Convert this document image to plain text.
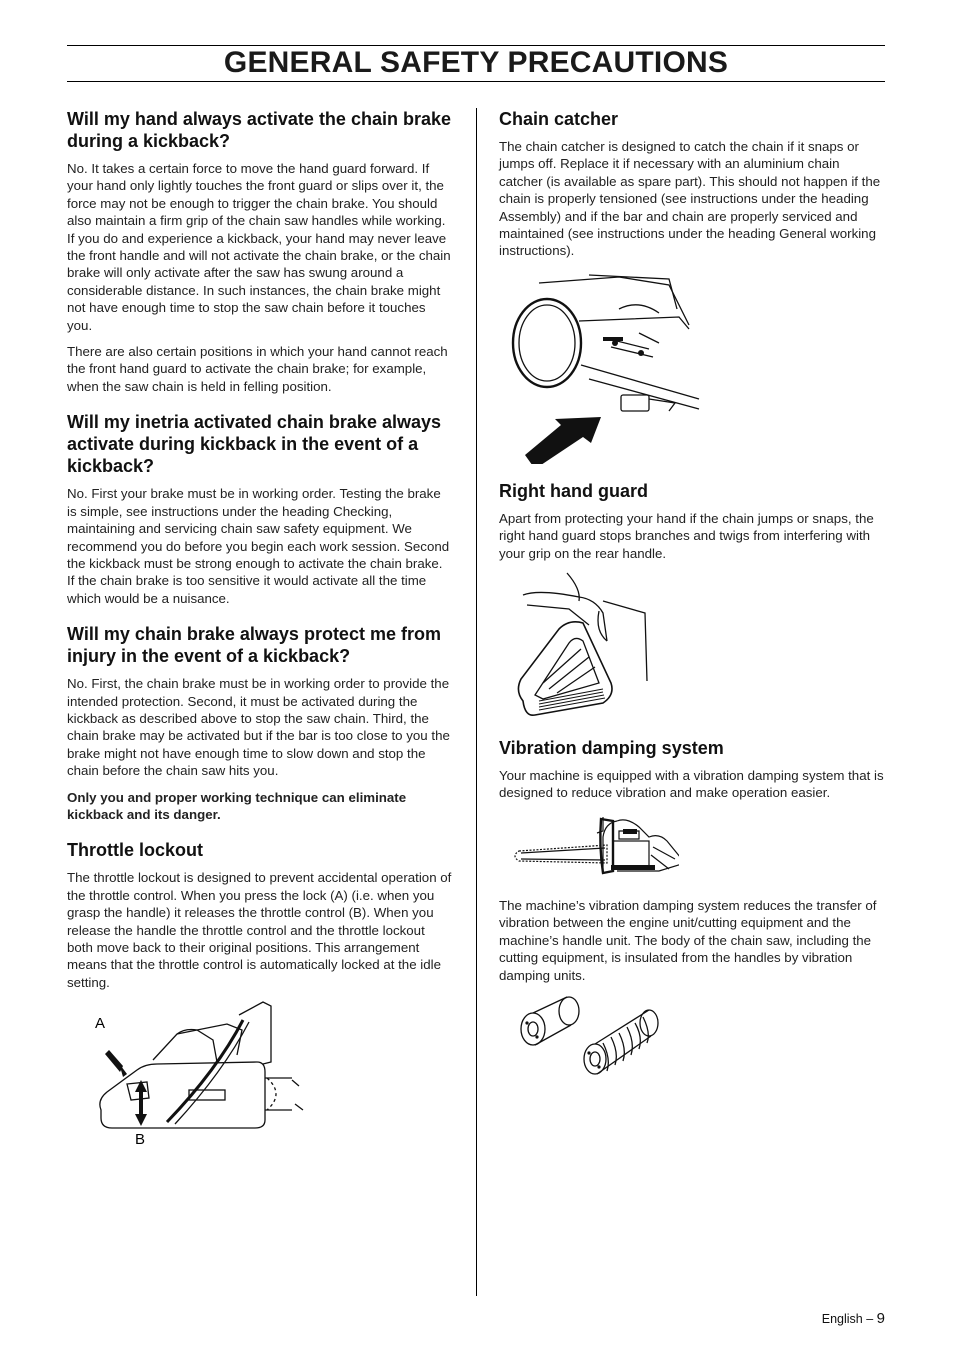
GENERAL SAFETY PRECAUTIONS
Will my hand always activate the chain brake during a kickback?

No. It takes a certain force to move the hand guard forward. If your hand only lightly touches the front guard or slips over it, the force may not be enough to trigger the chain brake. You should also maintain a firm grip of the chain saw handles while working. If you do and experience a kickback, your hand may never leave the front handle and will not activate the chain brake, or the chain brake will only activate after the saw has swung around a considerable distance. In such instances, the chain brake might not have enough time to stop the saw chain before it touches you.

There are also certain positions in which your hand cannot reach the front hand guard to activate the chain brake; for example, when the saw chain is held in felling position.

Will my inetria activated chain brake always activate during kickback in the event of a kickback?

No. First your brake must be in working order. Testing the brake is simple, see instructions under the heading Checking, maintaining and servicing chain saw safety equipment. We recommend you do before you begin each work session. Second the kickback must be strong enough to activate the chain brake. If the chain brake is too sensitive it would activate all the time which would be a nuisance.

Will my chain brake always protect me from injury in the event of a kickback?

No. First, the chain brake must be in working order to provide the intended protection. Second, it must be activated during the kickback as described above to stop the saw chain. Third, the chain brake may be activated but if the bar is too close to you the brake might not have enough time to slow down and stop the chain before the chain saw hits you.

Only you and proper working technique can eliminate kickback and its danger.

Throttle lockout

The throttle lockout is designed to prevent accidental operation of the throttle control. When you press the lock (A) (i.e. when you grasp the handle) it releases the throttle control (B). When you release the handle the throttle control and the throttle lockout both move back to their original positions. This arrangement means that the throttle control is automatically locked at the idle setting.

A
B
Chain catcher

The chain catcher is designed to catch the chain if it snaps or jumps off. Replace it if necessary with an aluminium chain catcher (is available as spare part). This should not happen if the chain is properly tensioned (see instructions under the heading Assembly) and if the bar and chain are properly serviced and maintained (see instructions under the heading General working instructions).

Right hand guard

Apart from protecting your hand if the chain jumps or snaps, the right hand guard stops branches and twigs from interfering with your grip on the rear handle.

Vibration damping system

Your machine is equipped with a vibration damping system that is designed to reduce vibration and make operation easier.

The machine’s vibration damping system reduces the transfer of vibration between the engine unit/cutting equipment and the machine’s handle unit. The body of the chain saw, including the cutting equipment, is insulated from the handles by vibration damping units.

English – 9
